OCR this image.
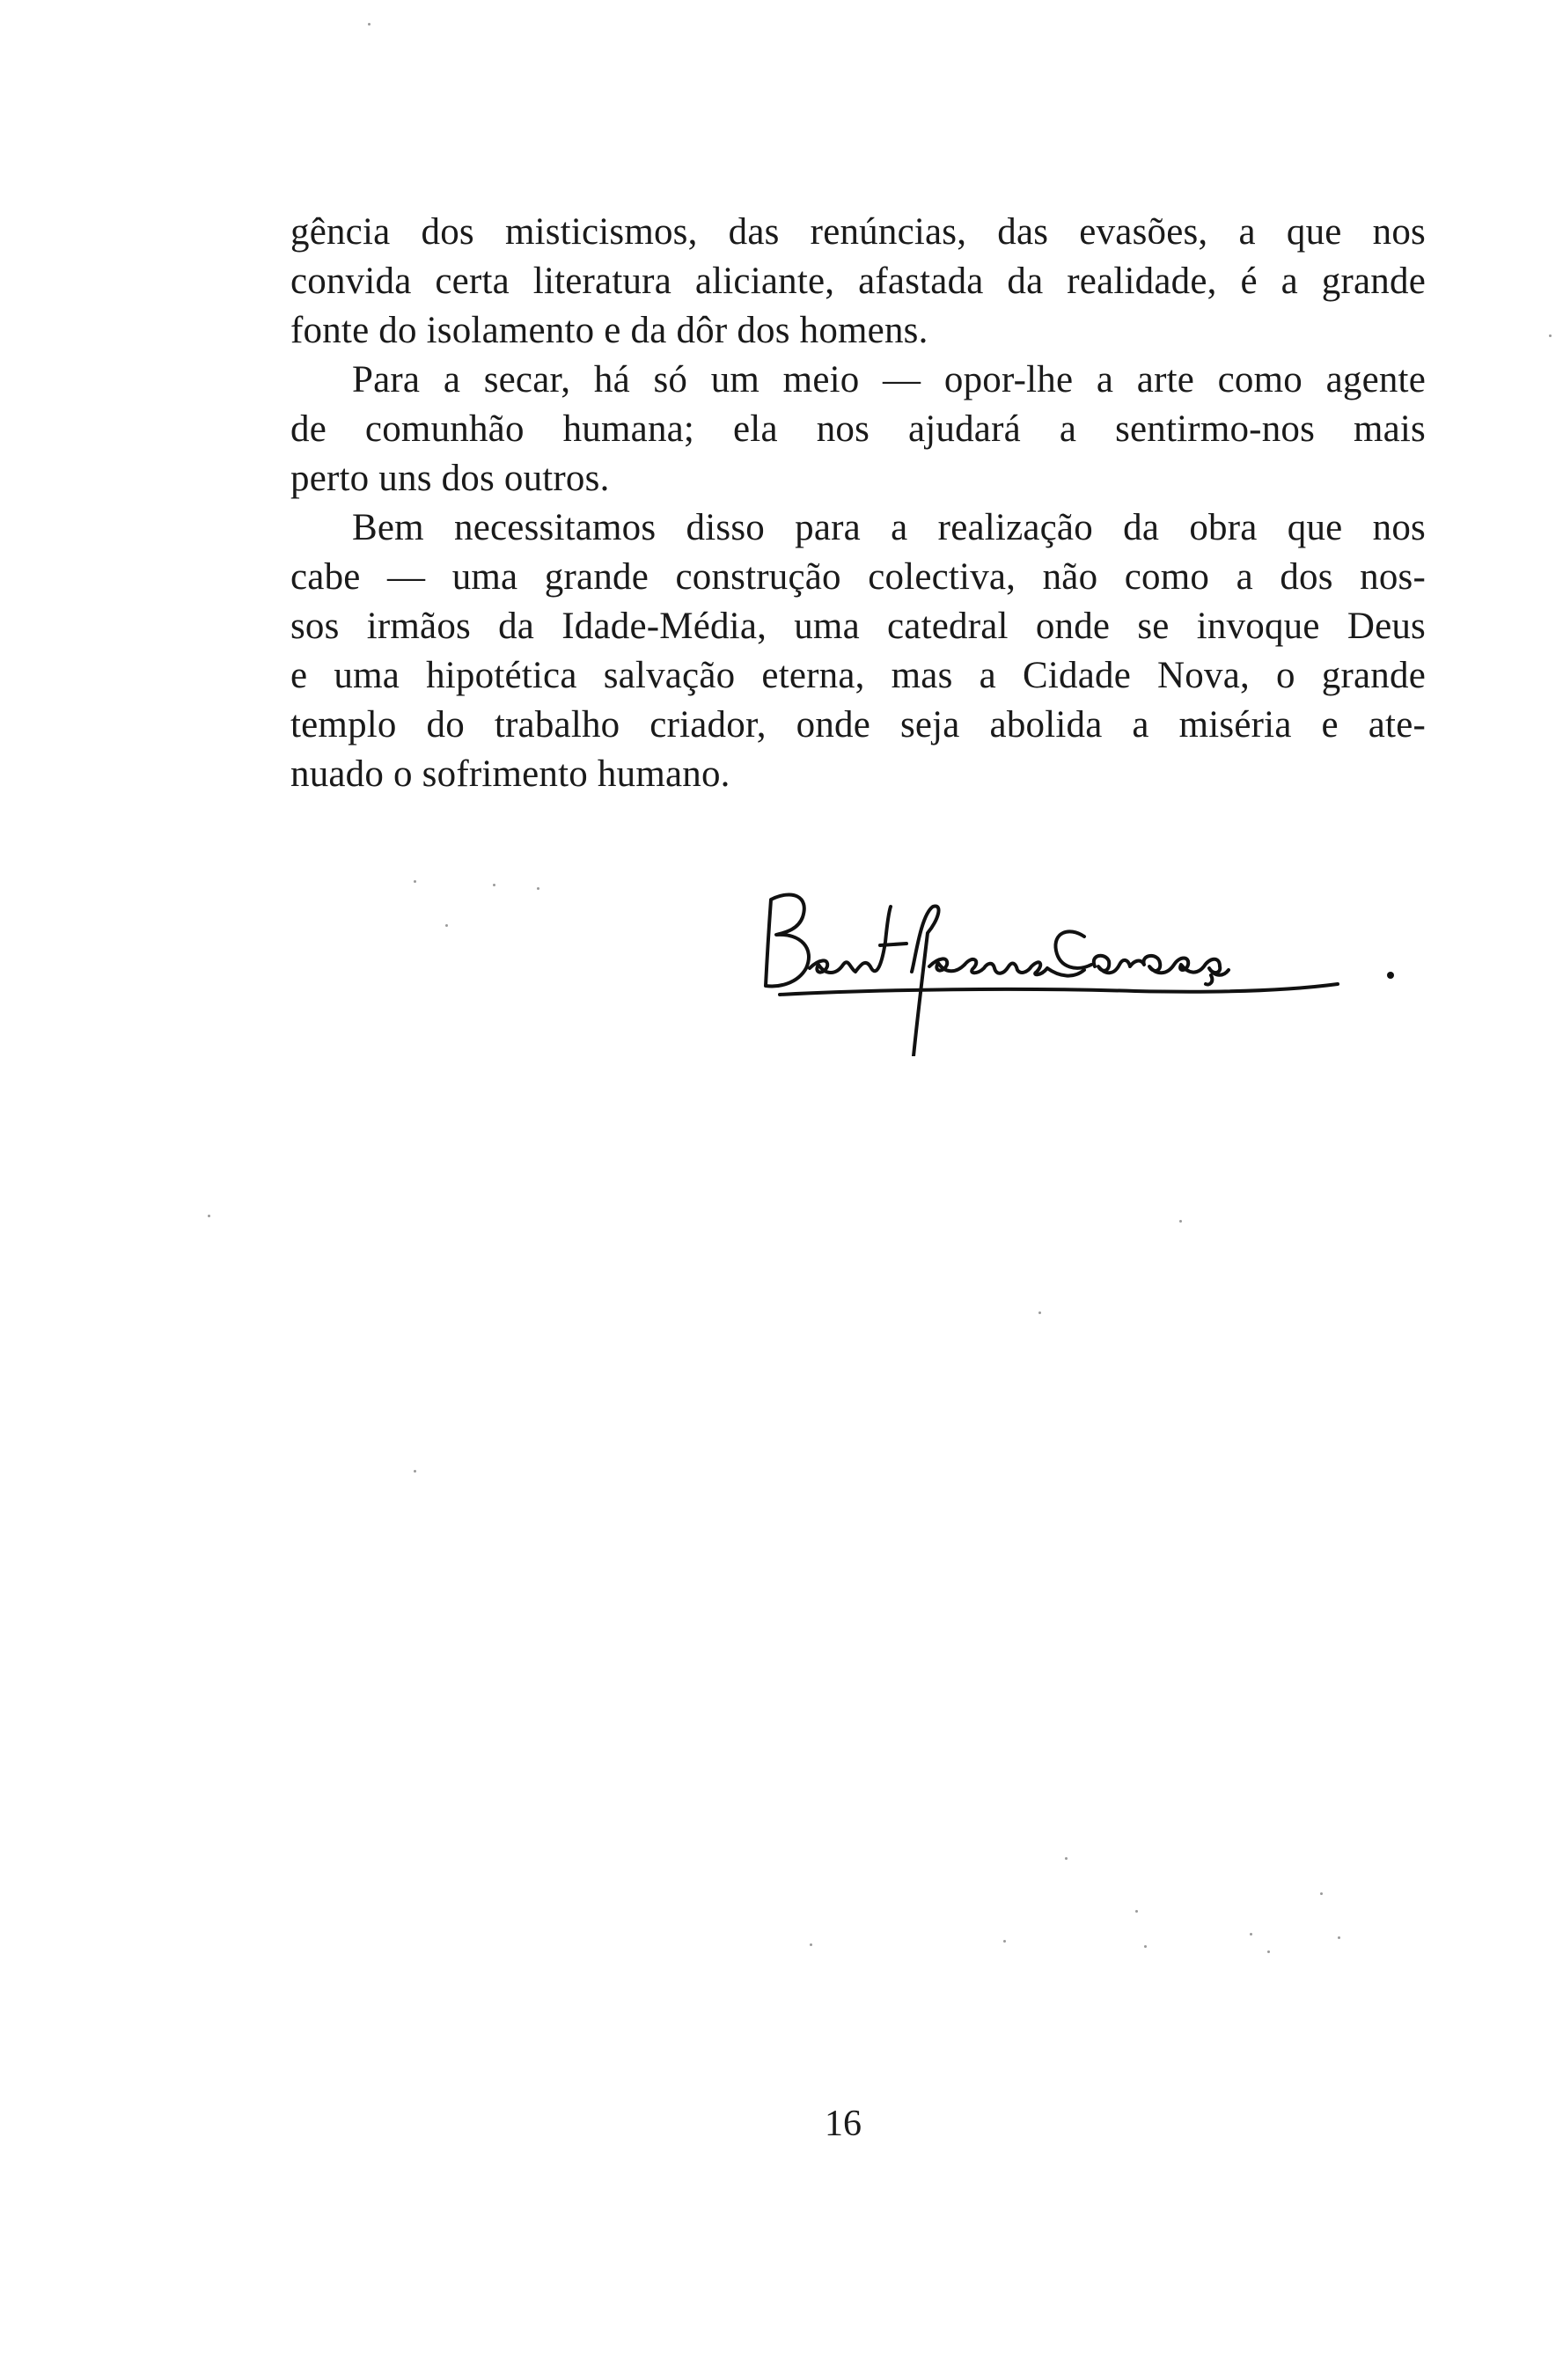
gência dos misticismos, das renúncias, das evasões, a que nos
convida certa literatura aliciante, afastada da realidade, é a grande
fonte do isolamento e da dôr dos homens.
Para a secar, há só um meio — opor-lhe a arte como agente
de comunhão humana; ela nos ajudará a sentirmo-nos mais
perto uns dos outros.
Bem necessitamos disso para a realização da obra que nos
cabe — uma grande construção colectiva, não como a dos nos-
sos irmãos da Idade-Média, uma catedral onde se invoque Deus
e uma hipotética salvação eterna, mas a Cidade Nova, o grande
templo do trabalho criador, onde seja abolida a miséria e ate-
nuado o sofrimento humano.
16
